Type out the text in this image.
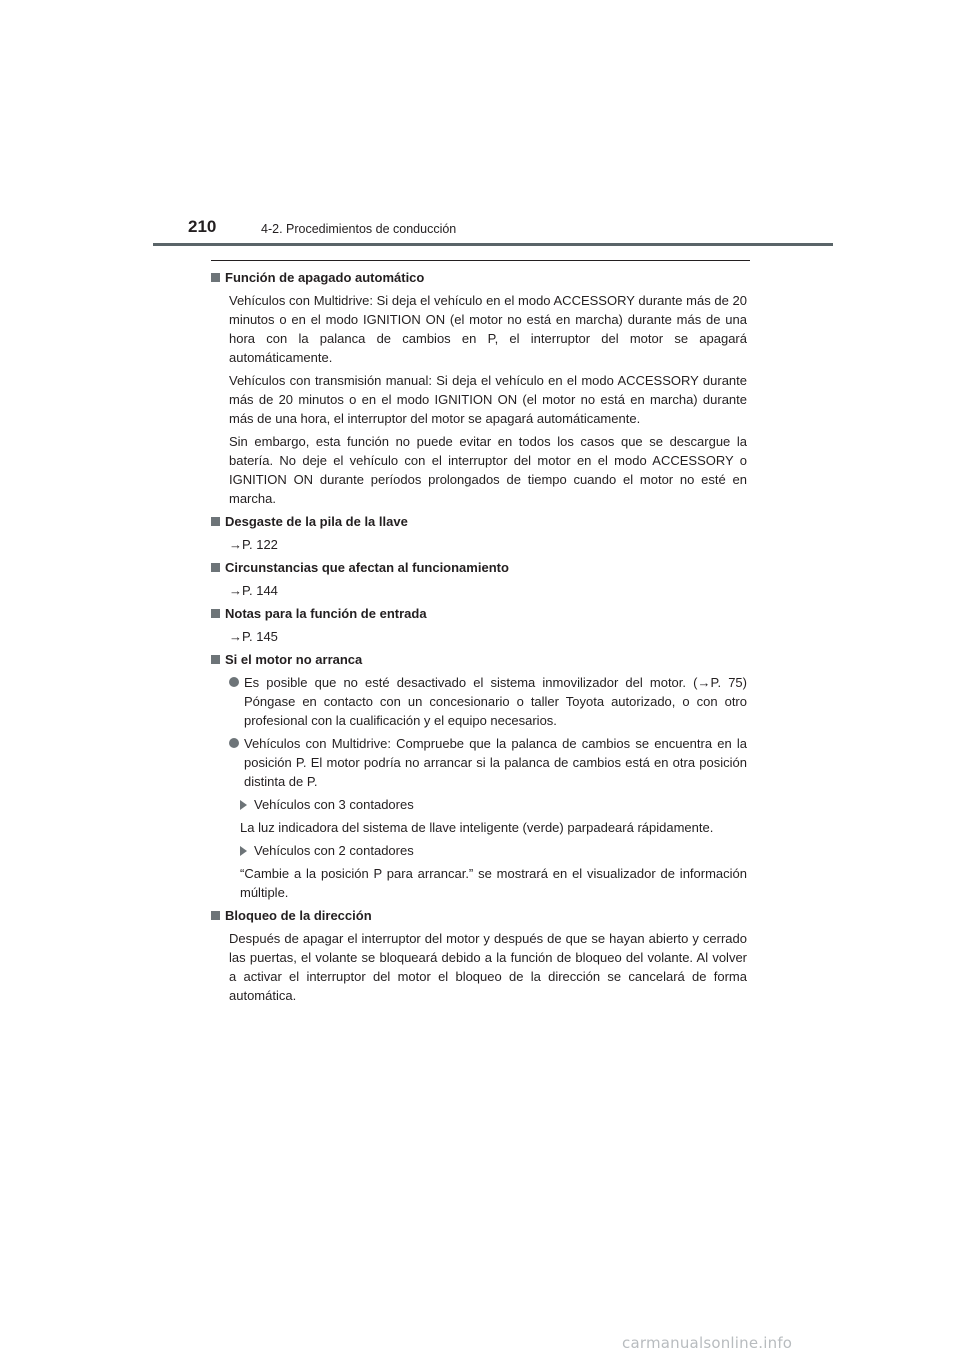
210	4-2. Procedimientos de conducción
Función de apagado automático

Vehículos con Multidrive: Si deja el vehículo en el modo ACCESSORY durante más de 20 minutos o en el modo IGNITION ON (el motor no está en marcha) durante más de una hora con la palanca de cambios en P, el interruptor del motor se apagará automáticamente.

Vehículos con transmisión manual: Si deja el vehículo en el modo ACCESSORY durante más de 20 minutos o en el modo IGNITION ON (el motor no está en marcha) durante más de una hora, el interruptor del motor se apagará automáticamente.

Sin embargo, esta función no puede evitar en todos los casos que se descargue la batería. No deje el vehículo con el interruptor del motor en el modo ACCESSORY o IGNITION ON durante períodos prolongados de tiempo cuando el motor no esté en marcha.

Desgaste de la pila de la llave

→P. 122

Circunstancias que afectan al funcionamiento

→P. 144

Notas para la función de entrada

→P. 145

Si el motor no arranca
Es posible que no esté desactivado el sistema inmovilizador del motor. (→P. 75) Póngase en contacto con un concesionario o taller Toyota autorizado, o con otro profesional con la cualificación y el equipo necesarios.
Vehículos con Multidrive: Compruebe que la palanca de cambios se encuentra en la posición P. El motor podría no arrancar si la palanca de cambios está en otra posición distinta de P.
Vehículos con 3 contadores

La luz indicadora del sistema de llave inteligente (verde) parpadeará rápidamente.

Vehículos con 2 contadores

“Cambie a la posición P para arrancar.” se mostrará en el visualizador de información múltiple.

Bloqueo de la dirección

Después de apagar el interruptor del motor y después de que se hayan abierto y cerrado las puertas, el volante se bloqueará debido a la función de bloqueo del volante. Al volver a activar el interruptor del motor el bloqueo de la dirección se cancelará de forma automática.

carmanualsonline.info
